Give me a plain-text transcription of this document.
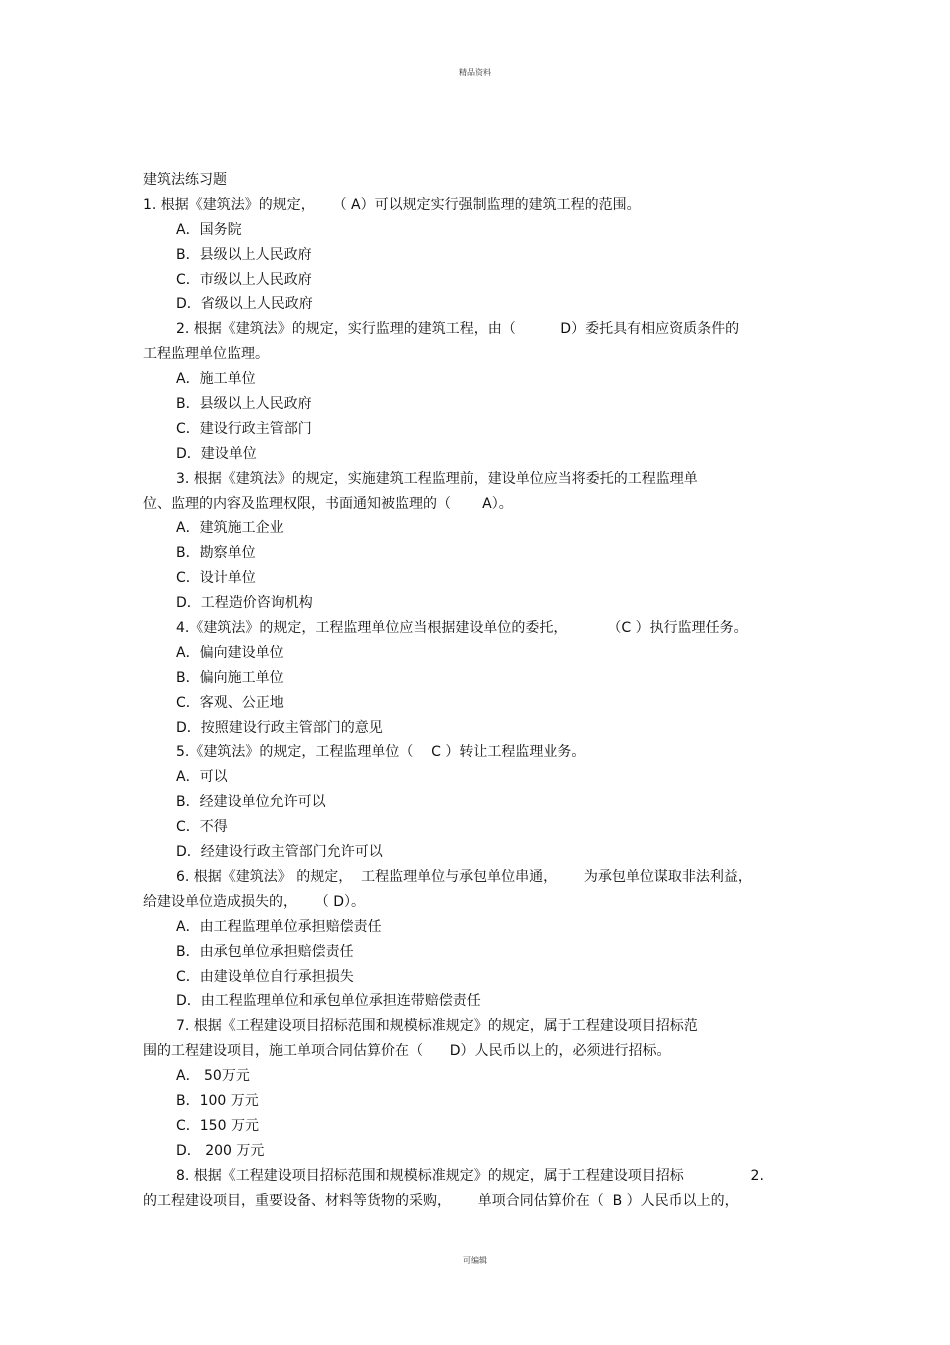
精品资料
建筑法练习题
1. 根据《建筑法》的规定，    （ A）可以规定实行强制监理的建筑工程的范围。
A．国务院
B．县级以上人民政府
C．市级以上人民政府
D．省级以上人民政府
2. 根据《建筑法》的规定，实行监理的建筑工程，由（          D）委托具有相应资质条件的
工程监理单位监理。
A．施工单位
B．县级以上人民政府
C．建设行政主管部门
D．建设单位
3. 根据《建筑法》的规定，实施建筑工程监理前，建设单位应当将委托的工程监理单
位、监理的内容及监理权限，书面通知被监理的（       A）。
A．建筑施工企业
B．勘察单位
C．设计单位
D．工程造价咨询机构
4.《建筑法》的规定，工程监理单位应当根据建设单位的委托，         （C ）执行监理任务。
A．偏向建设单位
B．偏向施工单位
C．客观、公正地
D．按照建设行政主管部门的意见
5.《建筑法》的规定，工程监理单位（    C ）转让工程监理业务。
A．可以
B．经建设单位允许可以
C．不得
D．经建设行政主管部门允许可以
6. 根据《建筑法》 的规定，  工程监理单位与承包单位串通，      为承包单位谋取非法利益，
给建设单位造成损失的，    （ D）。
A．由工程监理单位承担赔偿责任
B．由承包单位承担赔偿责任
C．由建设单位自行承担损失
D．由工程监理单位和承包单位承担连带赔偿责任
7. 根据《工程建设项目招标范围和规模标准规定》的规定，属于工程建设项目招标范
围的工程建设项目，施工单项合同估算价在（      D）人民币以上的，必须进行招标。
A． 50万元
B．100 万元
C．150 万元
D． 200 万元
8. 根据《工程建设项目招标范围和规模标准规定》的规定，属于工程建设项目招标               2.
的工程建设项目，重要设备、材料等货物的采购，      单项合同估算价在（  B ）人民币以上的，
可编辑
